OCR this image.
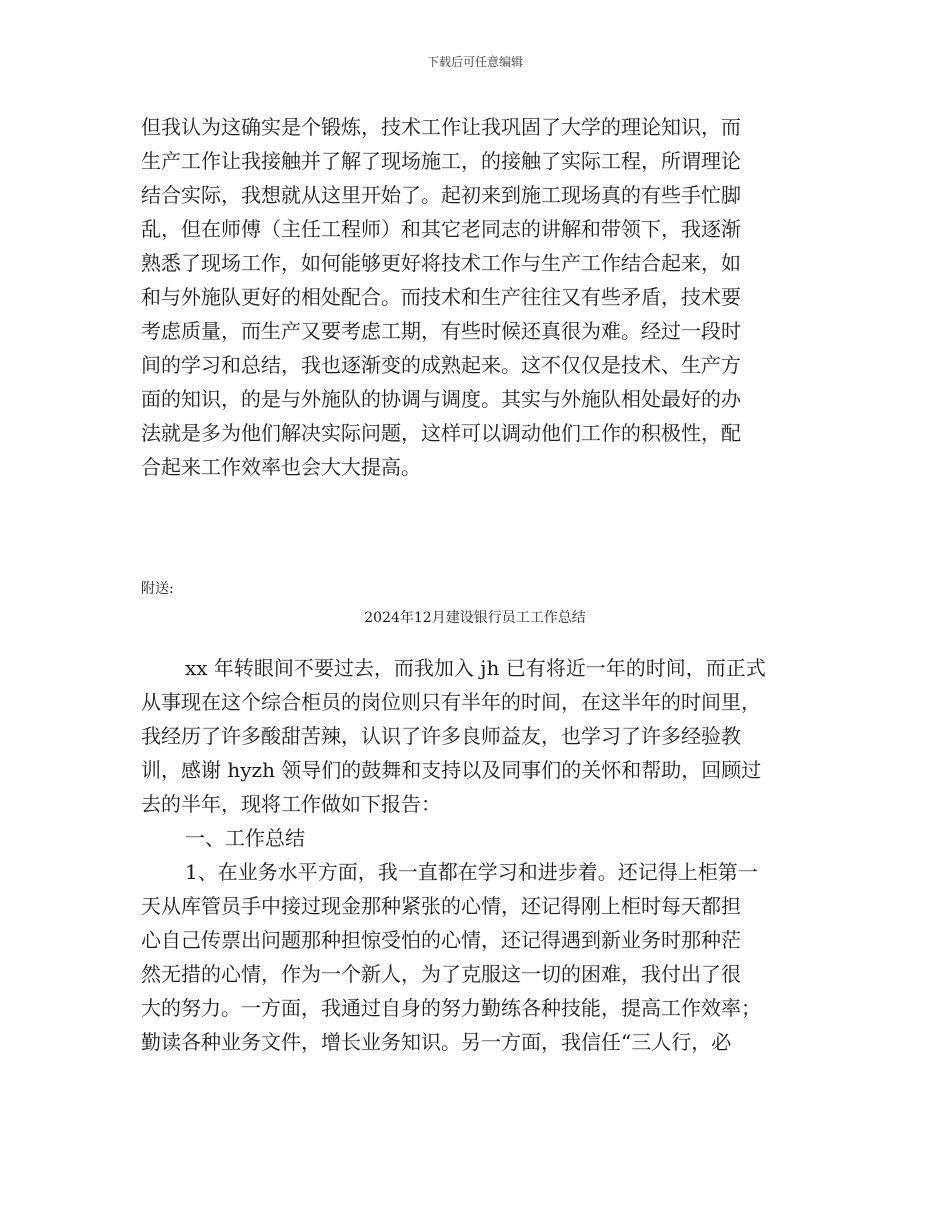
下载后可任意编辑
但我认为这确实是个锻炼，技术工作让我巩固了大学的理论知识，而
生产工作让我接触并了解了现场施工，的接触了实际工程，所谓理论
结合实际，我想就从这里开始了。起初来到施工现场真的有些手忙脚
乱，但在师傅（主任工程师）和其它老同志的讲解和带领下，我逐渐
熟悉了现场工作，如何能够更好将技术工作与生产工作结合起来，如
和与外施队更好的相处配合。而技术和生产往往又有些矛盾，技术要
考虑质量，而生产又要考虑工期，有些时候还真很为难。经过一段时
间的学习和总结，我也逐渐变的成熟起来。这不仅仅是技术、生产方
面的知识，的是与外施队的协调与调度。其实与外施队相处最好的办
法就是多为他们解决实际问题，这样可以调动他们工作的积极性，配
合起来工作效率也会大大提高。
附送:
2024年12月建设银行员工工作总结
xx 年转眼间不要过去，而我加入 jh 已有将近一年的时间，而正式
从事现在这个综合柜员的岗位则只有半年的时间，在这半年的时间里，
我经历了许多酸甜苦辣，认识了许多良师益友，也学习了许多经验教
训，感谢 hyzh 领导们的鼓舞和支持以及同事们的关怀和帮助，回顾过
去的半年，现将工作做如下报告：
一、工作总结
1、在业务水平方面，我一直都在学习和进步着。还记得上柜第一
天从库管员手中接过现金那种紧张的心情，还记得刚上柜时每天都担
心自己传票出问题那种担惊受怕的心情，还记得遇到新业务时那种茫
然无措的心情，作为一个新人，为了克服这一切的困难，我付出了很
大的努力。一方面，我通过自身的努力勤练各种技能，提高工作效率；
勤读各种业务文件，增长业务知识。另一方面，我信任“三人行，必
